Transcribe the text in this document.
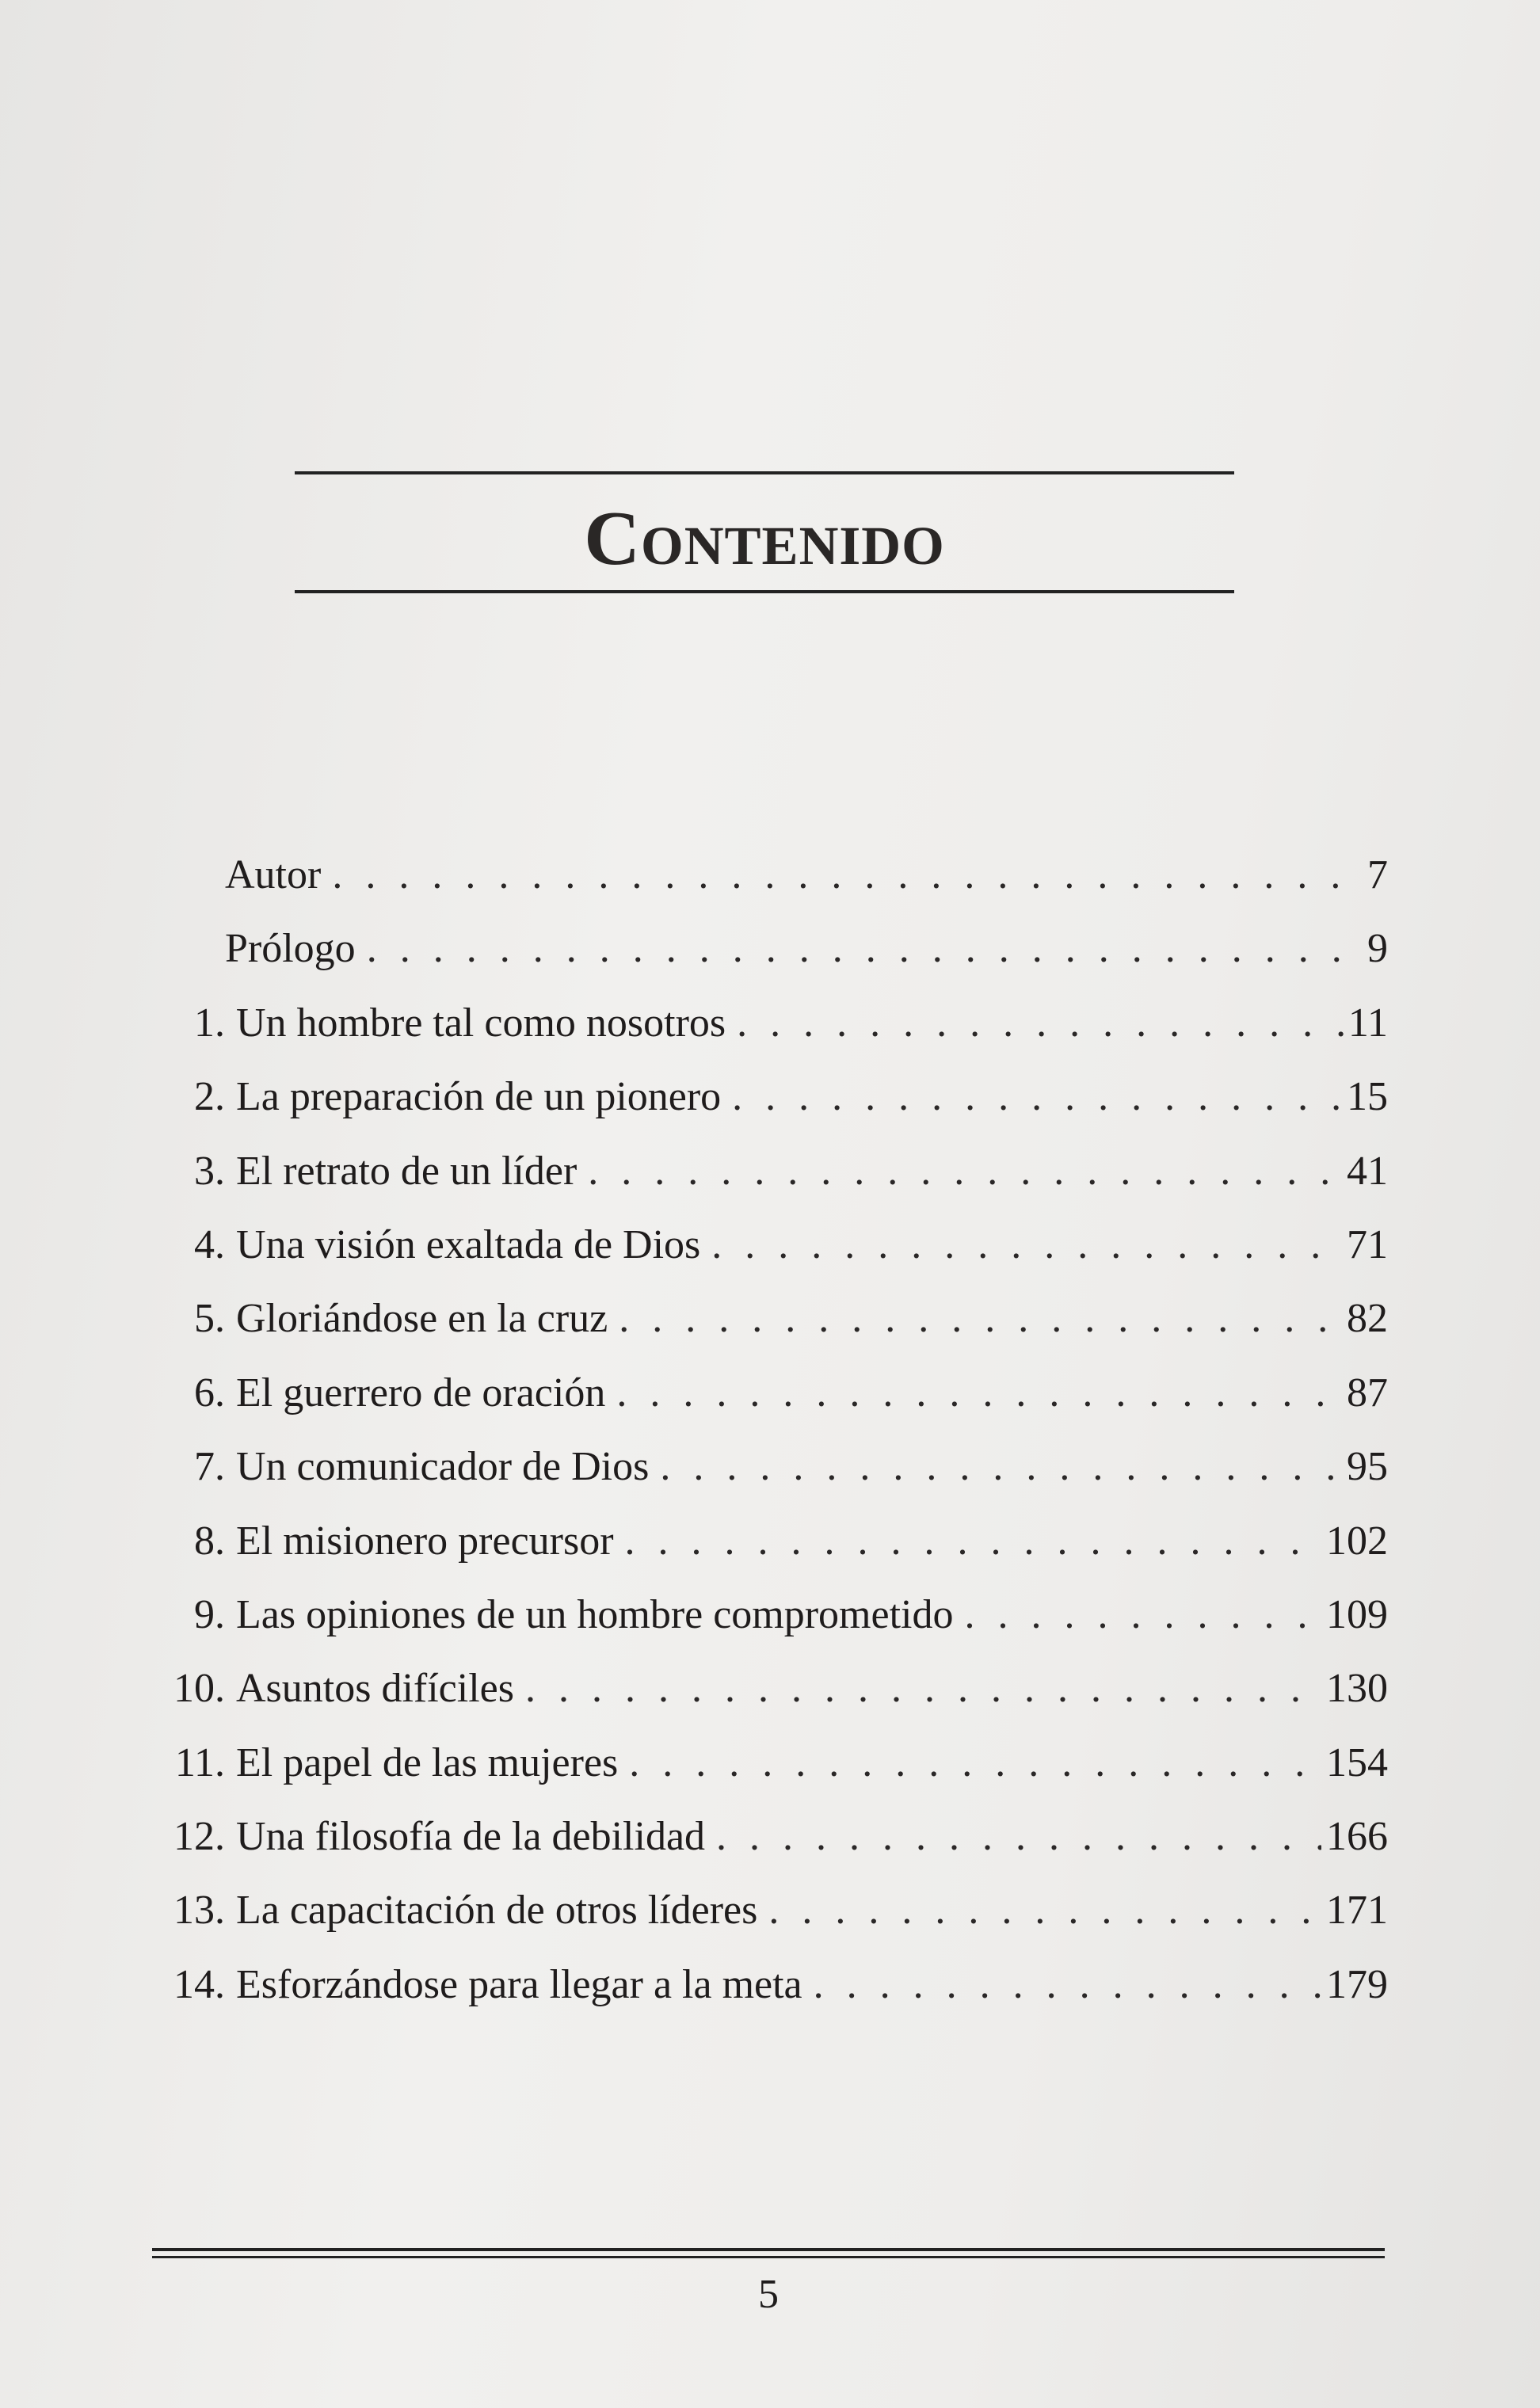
Contenido
Autor . . .	7
Prólogo . . .	9
1. Un hombre tal como nosotros . . .	11
2. La preparación de un pionero . . .	15
3. El retrato de un líder . . .	41
4. Una visión exaltada de Dios . . .	71
5. Gloriándose en la cruz . . .	82
6. El guerrero de oración . . .	87
7. Un comunicador de Dios . . .	95
8. El misionero precursor . . .	102
9. Las opiniones de un hombre comprometido . . .	109
10. Asuntos difíciles . . .	130
11. El papel de las mujeres . . .	154
12. Una filosofía de la debilidad . . .	166
13. La capacitación de otros líderes . . .	171
14. Esforzándose para llegar a la meta . . .	179
5
